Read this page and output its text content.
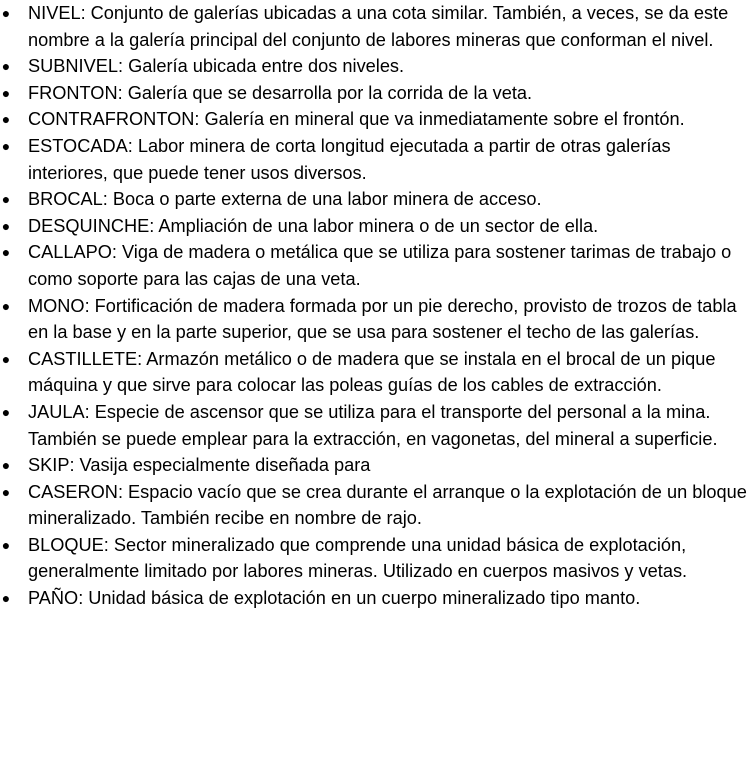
● NIVEL: Conjunto de galerías ubicadas a una cota similar. También, a veces, se da este nombre a la galería principal del conjunto de labores mineras que conforman el nivel.
● SUBNIVEL: Galería ubicada entre dos niveles.
● FRONTON: Galería que se desarrolla por la corrida de la veta.
● CONTRAFRONTON: Galería en mineral que va inmediatamente sobre el frontón.
● ESTOCADA: Labor minera de corta longitud ejecutada a partir de otras galerías interiores, que puede tener usos diversos.
● BROCAL: Boca o parte externa de una labor minera de acceso.
● DESQUINCHE: Ampliación de una labor minera o de un sector de ella.
● CALLAPO: Viga de madera o metálica que se utiliza para sostener tarimas de trabajo o como soporte para las cajas de una veta.
● MONO: Fortificación de madera formada por un pie derecho, provisto de trozos de tabla en la base y en la parte superior, que se usa para sostener el techo de las galerías.
● CASTILLETE: Armazón metálico o de madera que se instala en el brocal de un pique máquina y que sirve para colocar las poleas guías de los cables de extracción.
● JAULA: Especie de ascensor que se utiliza para el transporte del personal a la mina. También se puede emplear para la extracción, en vagonetas, del mineral a superficie.
● SKIP: Vasija especialmente diseñada para
● CASERON: Espacio vacío que se crea durante el arranque o la explotación de un bloque mineralizado. También recibe en nombre de rajo.
● BLOQUE: Sector mineralizado que comprende una unidad básica de explotación, generalmente limitado por labores mineras. Utilizado en cuerpos masivos y vetas.
● PAÑO: Unidad básica de explotación en un cuerpo mineralizado tipo manto.
